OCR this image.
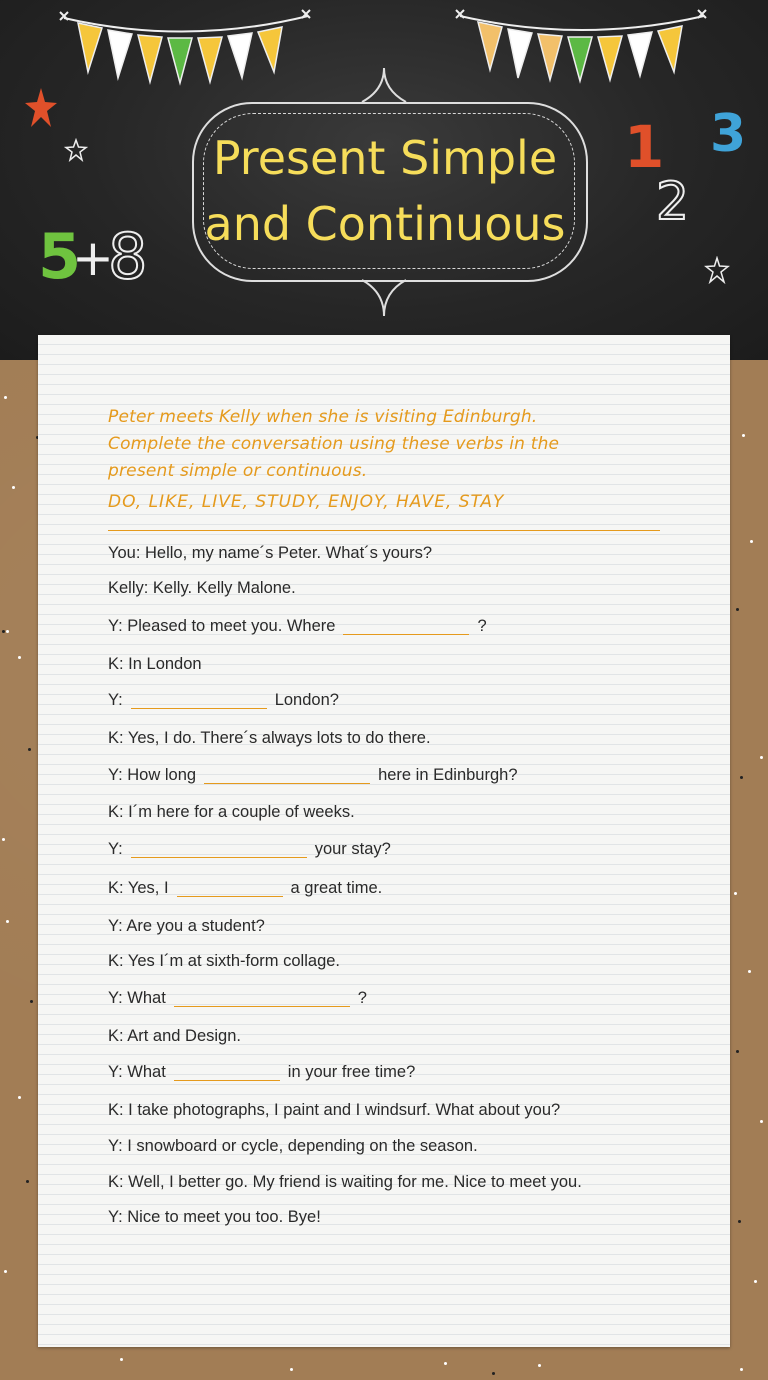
5
+
8
1
2
3
Present Simple
and Continuous
Peter meets Kelly when she is visiting Edinburgh.
Complete the conversation using these verbs in the
present simple or continuous.
DO, LIKE, LIVE, STUDY, ENJOY, HAVE, STAY
You: Hello, my name´s Peter. What´s yours?
Kelly: Kelly. Kelly Malone.
Y: Pleased to meet you. Where	?
K: In London
Y:	London?
K: Yes, I do. There´s always lots to do there.
Y: How long	here in Edinburgh?
K: I´m here for a couple of weeks.
Y:	your stay?
K: Yes, I	a great time.
Y: Are you a student?
K: Yes I´m at sixth-form collage.
Y: What	?
K: Art and Design.
Y: What	in your free time?
K: I take photographs, I paint and I windsurf. What about you?
Y: I snowboard or cycle, depending on the season.
K: Well, I better go. My friend is waiting for me. Nice to meet you.
Y: Nice to meet you too. Bye!
